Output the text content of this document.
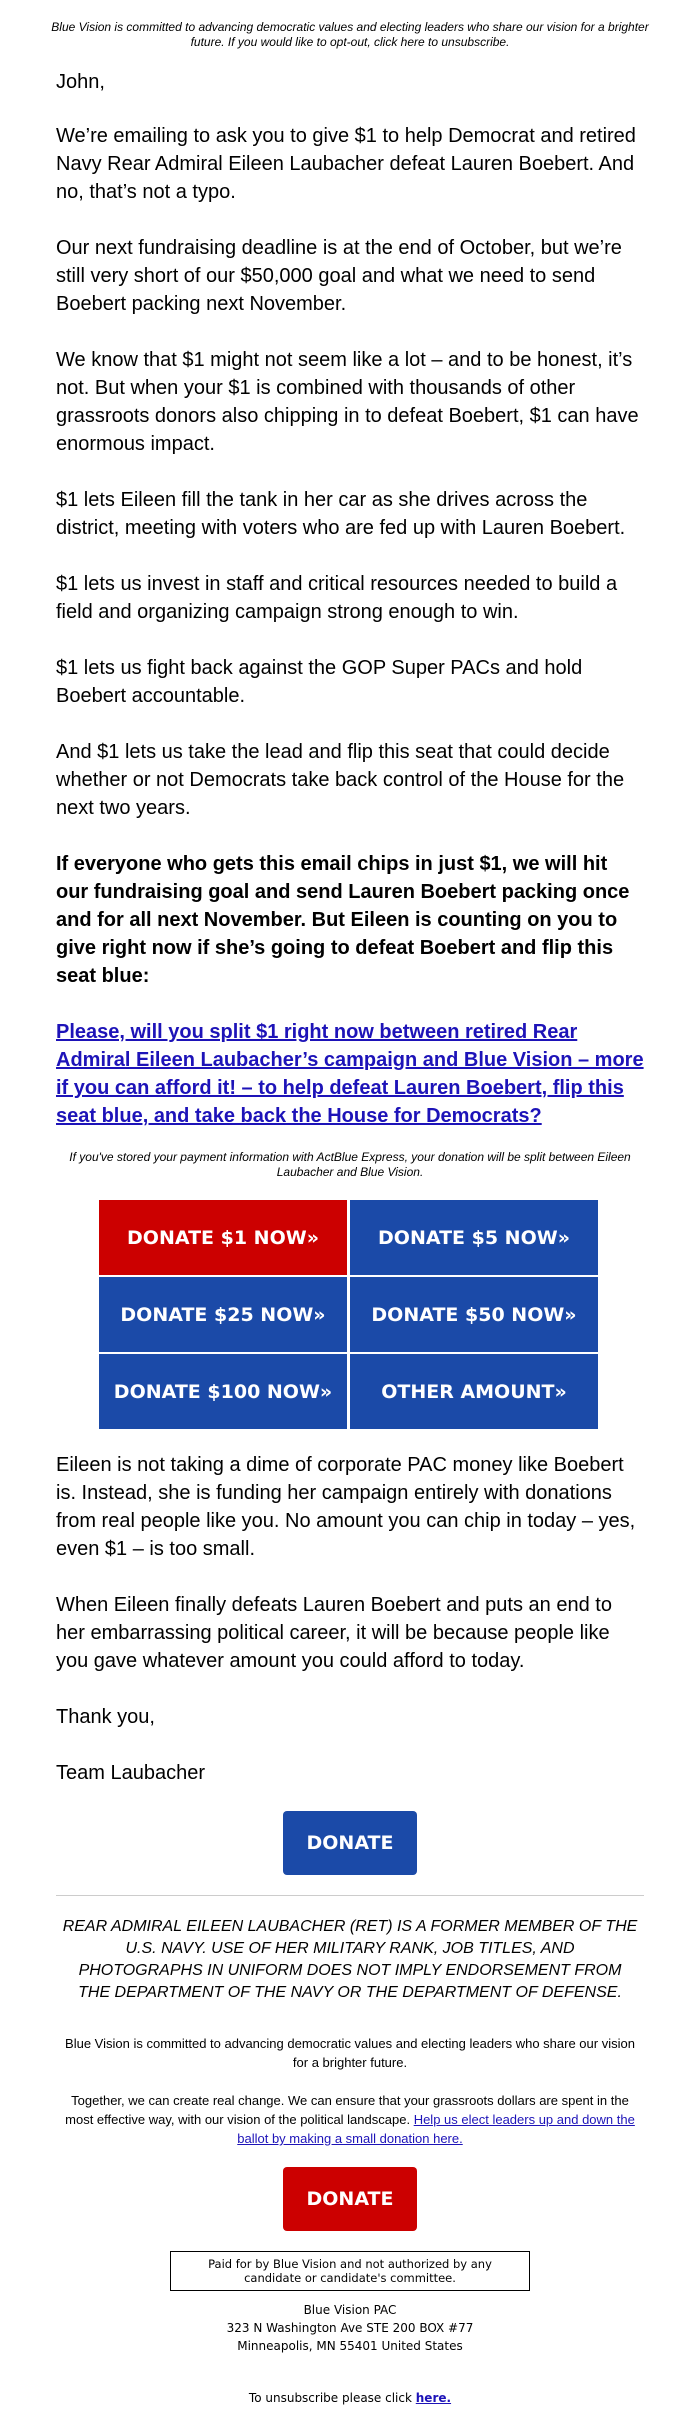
Blue Vision is committed to advancing democratic values and electing leaders who share our vision for a brighter future. If you would like to opt-out, click here to unsubscribe.

John,

We’re emailing to ask you to give $1 to help Democrat and retired Navy Rear Admiral Eileen Laubacher defeat Lauren Boebert. And no, that’s not a typo.

Our next fundraising deadline is at the end of October, but we’re still very short of our $50,000 goal and what we need to send Boebert packing next November.

We know that $1 might not seem like a lot – and to be honest, it’s not. But when your $1 is combined with thousands of other grassroots donors also chipping in to defeat Boebert, $1 can have enormous impact.

$1 lets Eileen fill the tank in her car as she drives across the district, meeting with voters who are fed up with Lauren Boebert.

$1 lets us invest in staff and critical resources needed to build a field and organizing campaign strong enough to win.

$1 lets us fight back against the GOP Super PACs and hold Boebert accountable.

And $1 lets us take the lead and flip this seat that could decide whether or not Democrats take back control of the House for the next two years.

If everyone who gets this email chips in just $1, we will hit our fundraising goal and send Lauren Boebert packing once and for all next November. But Eileen is counting on you to give right now if she’s going to defeat Boebert and flip this seat blue:

Please, will you split $1 right now between retired Rear Admiral Eileen Laubacher’s campaign and Blue Vision – more if you can afford it! – to help defeat Lauren Boebert, flip this seat blue, and take back the House for Democrats?

If you've stored your payment information with ActBlue Express, your donation will be split between Eileen Laubacher and Blue Vision.

DONATE $1 NOW»	DONATE $5 NOW»
DONATE $25 NOW»	DONATE $50 NOW»
DONATE $100 NOW»	OTHER AMOUNT»

Eileen is not taking a dime of corporate PAC money like Boebert is. Instead, she is funding her campaign entirely with donations from real people like you. No amount you can chip in today – yes, even $1 – is too small.

When Eileen finally defeats Lauren Boebert and puts an end to her embarrassing political career, it will be because people like you gave whatever amount you could afford to today.

Thank you,

Team Laubacher

DONATE

REAR ADMIRAL EILEEN LAUBACHER (RET) IS A FORMER MEMBER OF THE U.S. NAVY. USE OF HER MILITARY RANK, JOB TITLES, AND PHOTOGRAPHS IN UNIFORM DOES NOT IMPLY ENDORSEMENT FROM THE DEPARTMENT OF THE NAVY OR THE DEPARTMENT OF DEFENSE.

Blue Vision is committed to advancing democratic values and electing leaders who share our vision for a brighter future.

Together, we can create real change. We can ensure that your grassroots dollars are spent in the most effective way, with our vision of the political landscape. Help us elect leaders up and down the ballot by making a small donation here.

DONATE
Paid for by Blue Vision and not authorized by any candidate or candidate's committee.
Blue Vision PAC
323 N Washington Ave STE 200 BOX #77
Minneapolis, MN 55401 United States

To unsubscribe please click here.
